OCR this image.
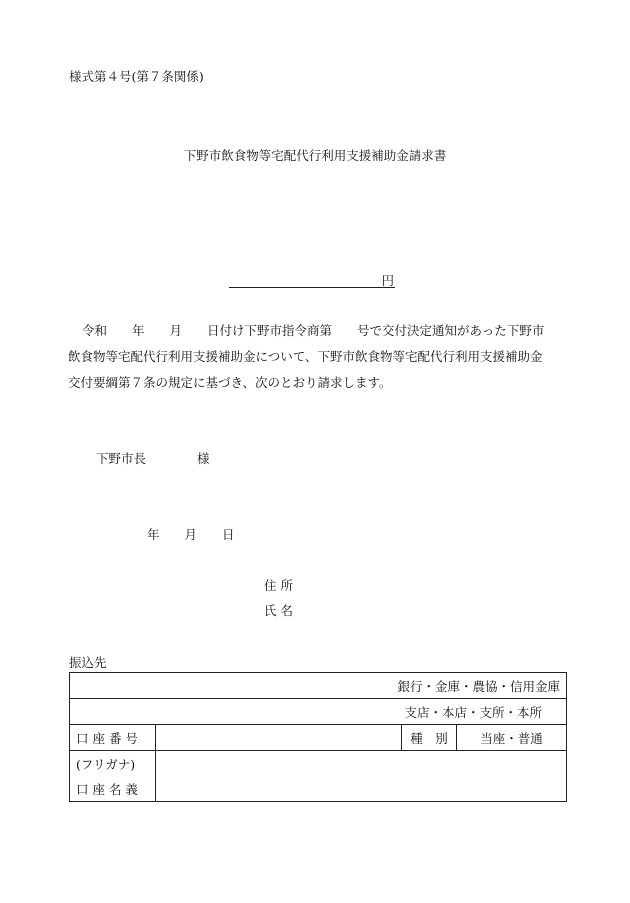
様式第４号(第７条関係)
下野市飲食物等宅配代行利用支援補助金請求書
円
令和　　年　　月　　日付け下野市指令商第　　号で交付決定通知があった下野市
飲食物等宅配代行利用支援補助金について、下野市飲食物等宅配代行利用支援補助金
交付要綱第７条の規定に基づき、次のとおり請求します。
下野市長	様
年　　月　　日
住 所
氏 名
振込先
銀行・金庫・農協・信用金庫			
支店・本店・支所・本所			
口 座 番 号		種　別	当座・普通
(フリガナ)			
口 座 名 義			
